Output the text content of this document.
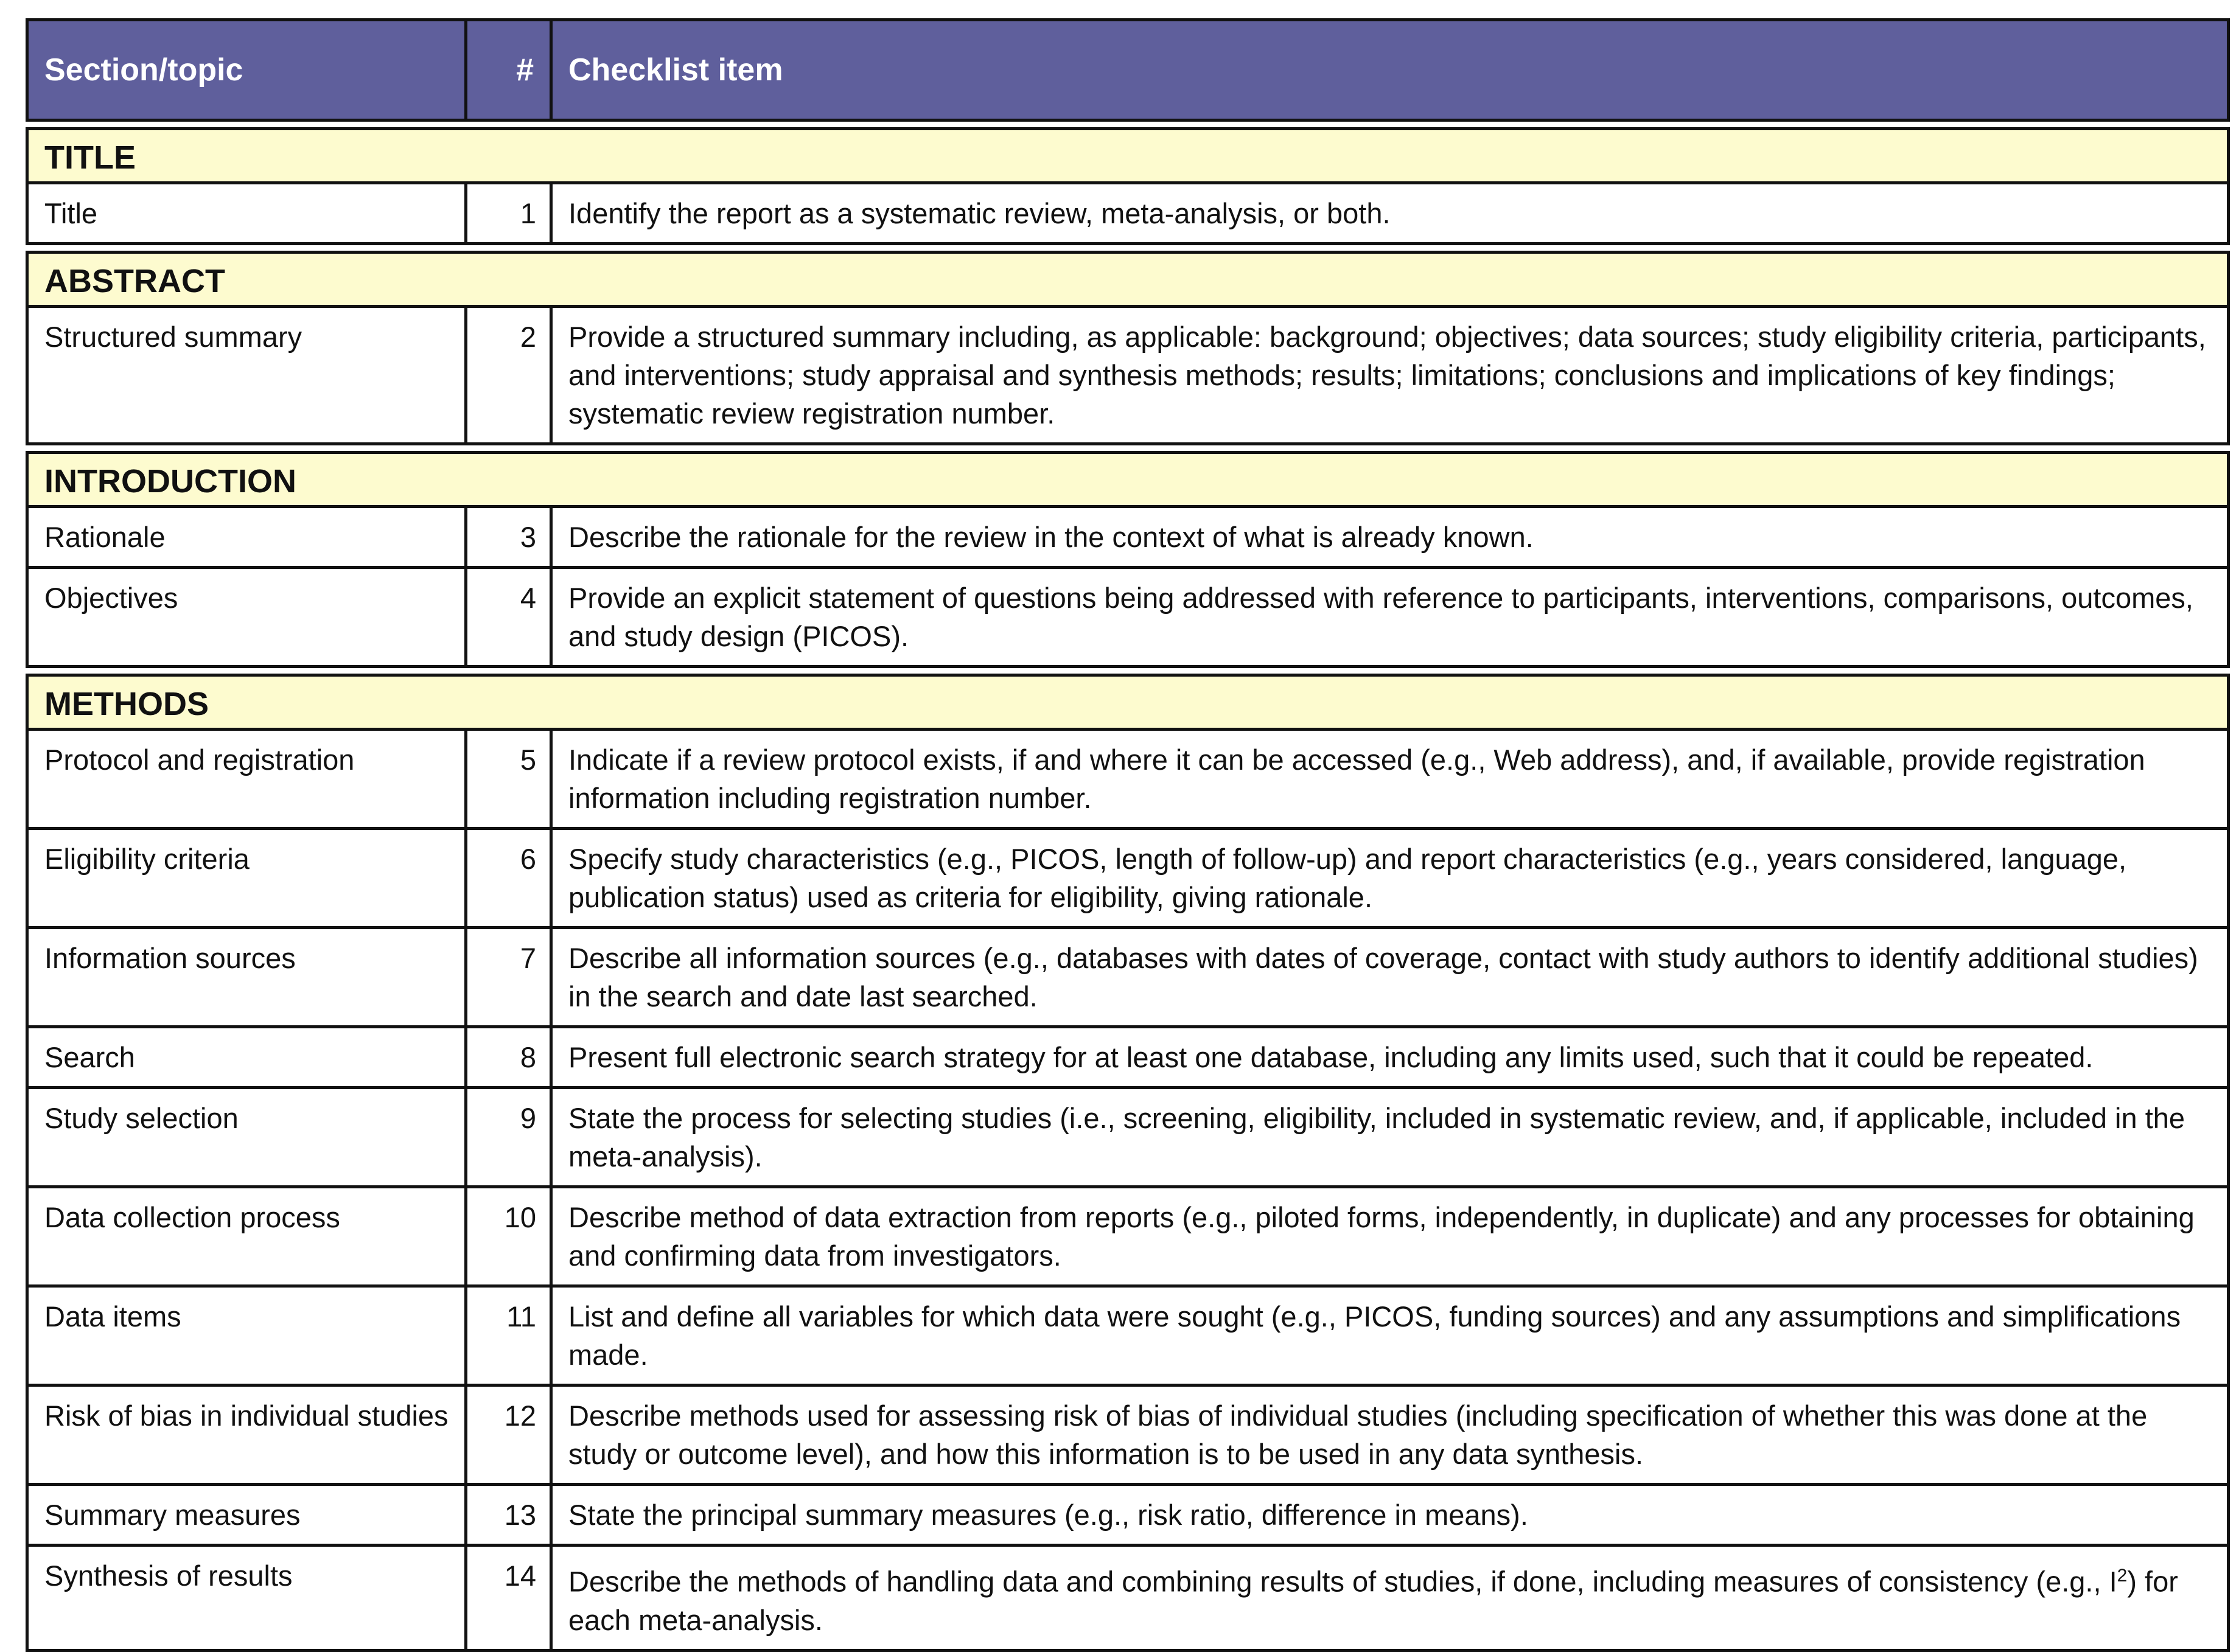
Section/topic	#	Checklist item

TITLE		
Title	1	Identify the report as a systematic review, meta-analysis, or both.

ABSTRACT		
Structured summary	2	Provide a structured summary including, as applicable: background; objectives; data sources; study eligibility criteria, participants, and interventions; study appraisal and synthesis methods; results; limitations; conclusions and implications of key findings; systematic review registration number.

INTRODUCTION		
Rationale	3	Describe the rationale for the review in the context of what is already known.
Objectives	4	Provide an explicit statement of questions being addressed with reference to participants, interventions, comparisons, outcomes, and study design (PICOS).

METHODS		
Protocol and registration	5	Indicate if a review protocol exists, if and where it can be accessed (e.g., Web address), and, if available, provide registration information including registration number.
Eligibility criteria	6	Specify study characteristics (e.g., PICOS, length of follow-up) and report characteristics (e.g., years considered, language, publication status) used as criteria for eligibility, giving rationale.
Information sources	7	Describe all information sources (e.g., databases with dates of coverage, contact with study authors to identify additional studies) in the search and date last searched.
Search	8	Present full electronic search strategy for at least one database, including any limits used, such that it could be repeated.
Study selection	9	State the process for selecting studies (i.e., screening, eligibility, included in systematic review, and, if applicable, included in the meta-analysis).
Data collection process	10	Describe method of data extraction from reports (e.g., piloted forms, independently, in duplicate) and any processes for obtaining and confirming data from investigators.
Data items	11	List and define all variables for which data were sought (e.g., PICOS, funding sources) and any assumptions and simplifications made.
Risk of bias in individual studies	12	Describe methods used for assessing risk of bias of individual studies (including specification of whether this was done at the study or outcome level), and how this information is to be used in any data synthesis.
Summary measures	13	State the principal summary measures (e.g., risk ratio, difference in means).
Synthesis of results	14	Describe the methods of handling data and combining results of studies, if done, including measures of consistency (e.g., $I^2$) for each meta-analysis.
